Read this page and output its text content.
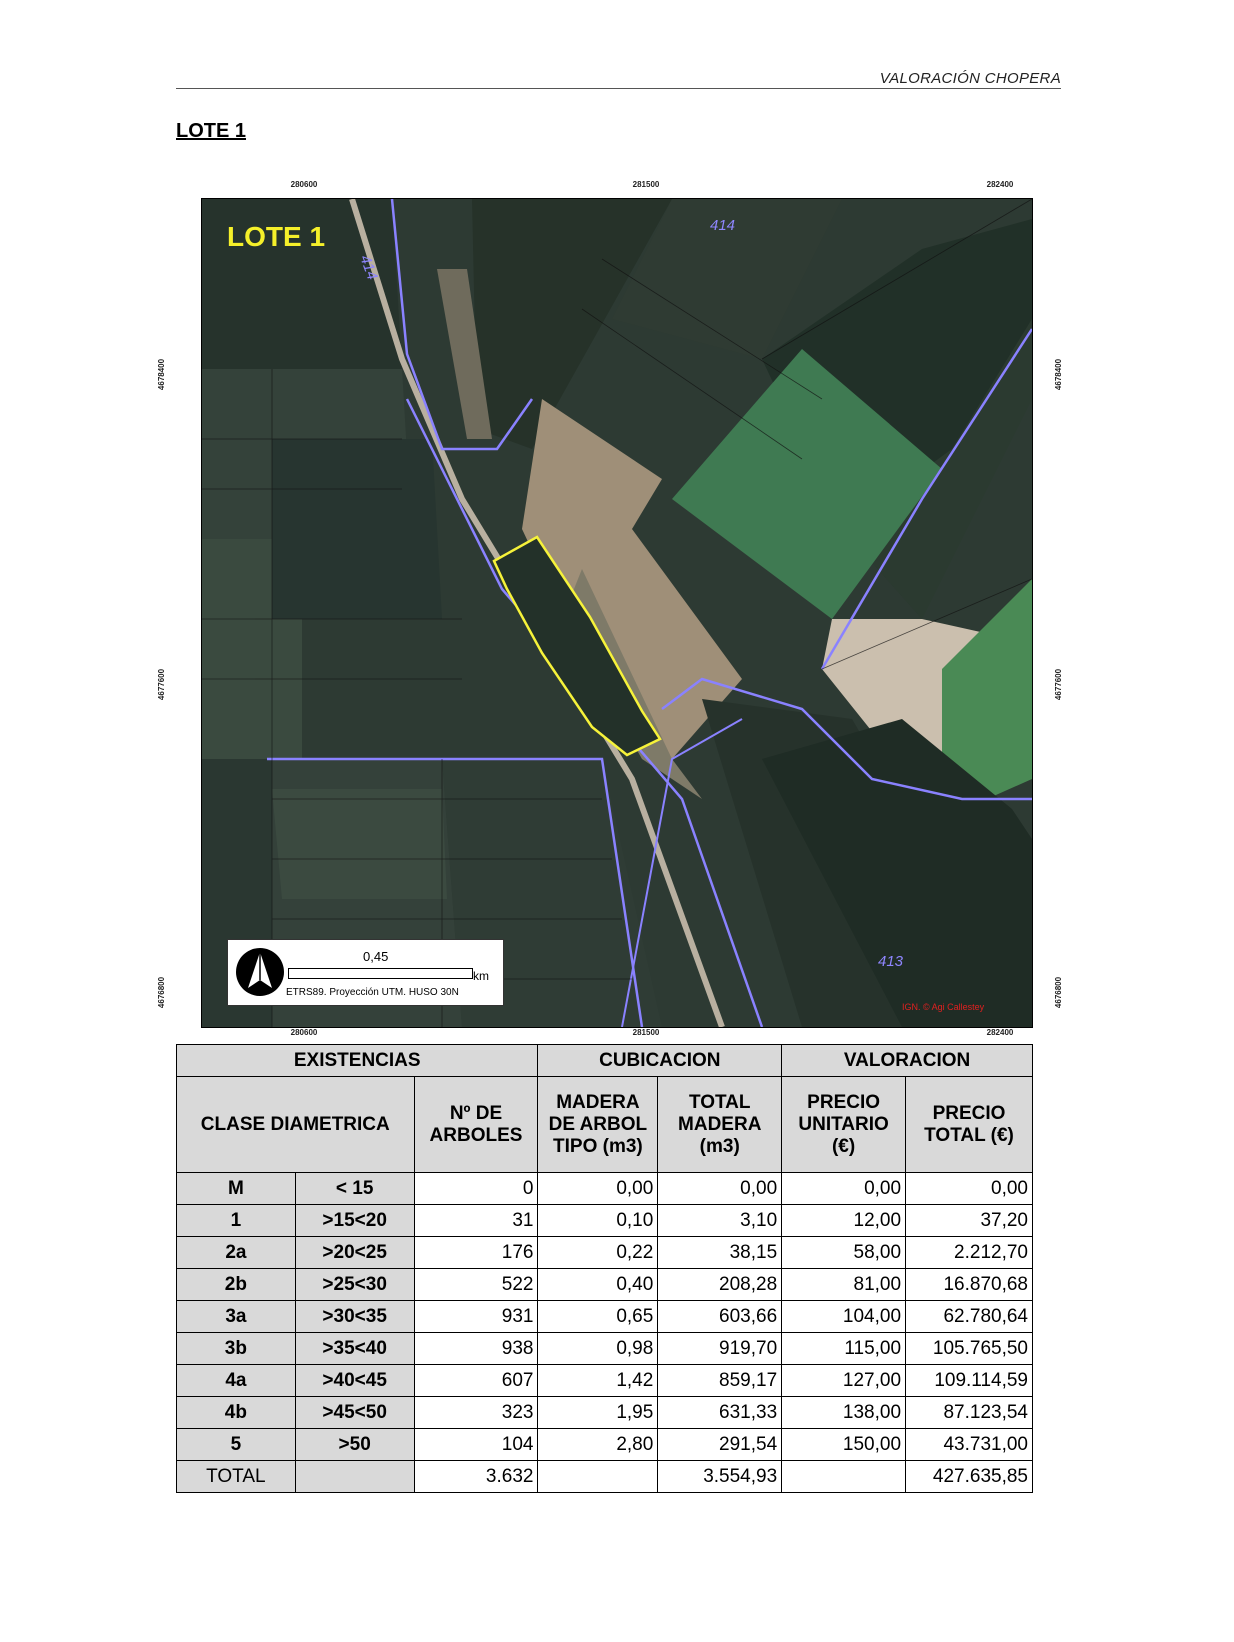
VALORACIÓN CHOPERA
LOTE 1
280600	281500	282400
280600	281500	282400
4678400
4677600
4676800
4678400
4677600
4676800
LOTE 1	414
414
413
IGN. © Agi Callestey
0,45
km
ETRS89. Proyección UTM. HUSO 30N
EXISTENCIAS			CUBICACION		VALORACION	
CLASE DIAMETRICA		Nº DE ARBOLES	MADERA DE ARBOL TIPO (m3)	TOTAL MADERA (m3)	PRECIO UNITARIO (€)	PRECIO TOTAL (€)
M	< 15	0	0,00	0,00	0,00	0,00
1	>15<20	31	0,10	3,10	12,00	37,20
2a	>20<25	176	0,22	38,15	58,00	2.212,70
2b	>25<30	522	0,40	208,28	81,00	16.870,68
3a	>30<35	931	0,65	603,66	104,00	62.780,64
3b	>35<40	938	0,98	919,70	115,00	105.765,50
4a	>40<45	607	1,42	859,17	127,00	109.114,59
4b	>45<50	323	1,95	631,33	138,00	87.123,54
5	>50	104	2,80	291,54	150,00	43.731,00
TOTAL		3.632		3.554,93		427.635,85
